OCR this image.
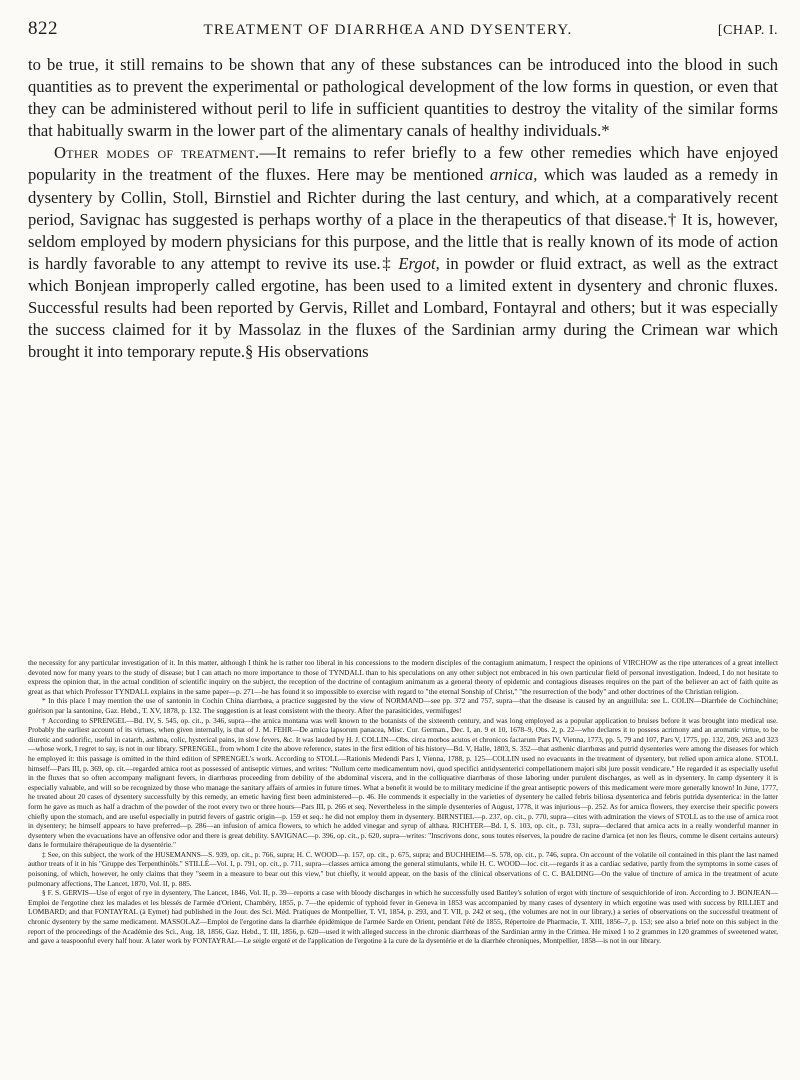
822	TREATMENT OF DIARRHŒA AND DYSENTERY.	[CHAP. I.

to be true, it still remains to be shown that any of these substances can be introduced into the blood in such quantities as to prevent the experimental or pathological development of the low forms in question, or even that they can be administered without peril to life in sufficient quantities to destroy the vitality of the similar forms that habitually swarm in the lower part of the alimentary canals of healthy individuals.*

Other modes of treatment.—It remains to refer briefly to a few other remedies which have enjoyed popularity in the treatment of the fluxes. Here may be mentioned arnica, which was lauded as a remedy in dysentery by Collin, Stoll, Birnstiel and Richter during the last century, and which, at a comparatively recent period, Savignac has suggested is perhaps worthy of a place in the therapeutics of that disease.† It is, however, seldom employed by modern physicians for this purpose, and the little that is really known of its mode of action is hardly favorable to any attempt to revive its use.‡ Ergot, in powder or fluid extract, as well as the extract which Bonjean improperly called ergotine, has been used to a limited extent in dysentery and chronic fluxes. Successful results had been reported by Gervis, Rillet and Lombard, Fontayral and others; but it was especially the success claimed for it by Massolaz in the fluxes of the Sardinian army during the Crimean war which brought it into temporary repute.§ His observations

the necessity for any particular investigation of it. In this matter, although I think he is rather too liberal in his concessions to the modern disciples of the contagium animatum, I respect the opinions of VIRCHOW as the ripe utterances of a great intellect devoted now for many years to the study of disease; but I can attach no more importance to those of TYNDALL than to his speculations on any other subject not embraced in his own particular field of personal investigation. Indeed, I do not hesitate to express the opinion that, in the actual condition of scientific inquiry on the subject, the reception of the doctrine of contagium animatum as a general theory of epidemic and contagious diseases requires on the part of the believer an act of faith quite as great as that which Professor TYNDALL explains in the same paper—p. 271—he has found it so impossible to exercise with regard to "the eternal Sonship of Christ," "the resurrection of the body" and other doctrines of the Christian religion.

* In this place I may mention the use of santonin in Cochin China diarrhœa, a practice suggested by the view of NORMAND—see pp. 372 and 757, supra—that the disease is caused by an anguillula: see L. COLIN—Diarrhée de Cochinchine; guérison par la santonine, Gaz. Hebd., T. XV, 1878, p. 132. The suggestion is at least consistent with the theory. After the parasiticides, vermifuges!

† According to SPRENGEL—Bd. IV, S. 545, op. cit., p. 346, supra—the arnica montana was well known to the botanists of the sixteenth century, and was long employed as a popular application to bruises before it was brought into medical use. Probably the earliest account of its virtues, when given internally, is that of J. M. FEHR—De arnica lapsorum panacea, Misc. Cur. German., Dec. I, an. 9 et 10, 1678–9, Obs. 2, p. 22—who declares it to possess acrimony and an aromatic virtue, to be diuretic and sudorific, useful in catarrh, asthma, colic, hysterical pains, in slow fevers, &c. It was lauded by H. J. COLLIN—Obs. circa morbos acutos et chronicos factarum Pars IV, Vienna, 1773, pp. 5, 79 and 107, Pars V, 1775, pp. 132, 209, 263 and 323—whose work, I regret to say, is not in our library. SPRENGEL, from whom I cite the above reference, states in the first edition of his history—Bd. V, Halle, 1803, S. 352—that asthenic diarrhœas and putrid dysenteries were among the diseases for which he employed it: this passage is omitted in the third edition of SPRENGEL's work. According to STOLL—Rationis Medendi Pars I, Vienna, 1788, p. 125—COLLIN used no evacuants in the treatment of dysentery, but relied upon arnica alone. STOLL himself—Pars III, p. 369, op. cit.—regarded arnica root as possessed of antiseptic virtues, and writes: "Nullum certe medicamentum novi, quod specifici antidysenterici compellationem majori sibi jure possit vendicare." He regarded it as especially useful in the fluxes that so often accompany malignant fevers, in diarrhœas proceeding from debility of the abdominal viscera, and in the colliquative diarrhœas of those laboring under purulent discharges, as well as in dysentery. In camp dysentery it is especially valuable, and will so be recognized by those who manage the sanitary affairs of armies in future times. What a benefit it would be to military medicine if the great antiseptic powers of this medicament were more generally known! In June, 1777, he treated about 20 cases of dysentery successfully by this remedy, an emetic having first been administered—p. 46. He commends it especially in the varieties of dysentery he called febris biliosa dysenterica and febris putrida dysenterica: in the latter form he gave as much as half a drachm of the powder of the root every two or three hours—Pars III, p. 266 et seq. Nevertheless in the simple dysenteries of August, 1778, it was injurious—p. 252. As for arnica flowers, they exercise their specific powers chiefly upon the stomach, and are useful especially in putrid fevers of gastric origin—p. 159 et seq.: he did not employ them in dysentery. BIRNSTIEL—p. 237, op. cit., p. 770, supra—cites with admiration the views of STOLL as to the use of arnica root in dysentery; he himself appears to have preferred—p. 286—an infusion of arnica flowers, to which he added vinegar and syrup of althæa. RICHTER—Bd. I, S. 103, op. cit., p. 731, supra—declared that arnica acts in a really wonderful manner in dysentery when the evacuations have an offensive odor and there is great debility. SAVIGNAC—p. 396, op. cit., p. 620, supra—writes: "Inscrivons donc, sous toutes réserves, la poudre de racine d'arnica (et non les fleurs, comme le disent certains auteurs) dans le formulaire thérapeutique de la dysentérie."

‡ See, on this subject, the work of the HUSEMANNS—S. 939, op. cit., p. 766, supra; H. C. WOOD—p. 157, op. cit., p. 675, supra; and BUCHHEIM—S. 578, op. cit., p. 746, supra. On account of the volatile oil contained in this plant the last named author treats of it in his "Gruppe des Terpenthinöls." STILLÉ—Vol. I, p. 791, op. cit., p. 711, supra—classes arnica among the general stimulants, while H. C. WOOD—loc. cit.—regards it as a cardiac sedative, partly from the symptoms in some cases of poisoning, of which, however, he only claims that they "seem in a measure to bear out this view," but chiefly, it would appear, on the basis of the clinical observations of C. C. BALDING—On the value of tincture of arnica in the treatment of acute pulmonary affections, The Lancet, 1870, Vol. II, p. 885.

§ F. S. GERVIS—Use of ergot of rye in dysentery, The Lancet, 1846, Vol. II, p. 39—reports a case with bloody discharges in which he successfully used Battley's solution of ergot with tincture of sesquichloride of iron. According to J. BONJEAN—Emploi de l'ergotine chez les malades et les blessés de l'armée d'Orient, Chambéry, 1855, p. 7—the epidemic of typhoid fever in Geneva in 1853 was accompanied by many cases of dysentery in which ergotine was used with success by RILLIET and LOMBARD; and that FONTAYRAL (à Eymet) had published in the Jour. des Sci. Méd. Pratiques de Montpellier, T. VI, 1854, p. 293, and T. VII, p. 242 et seq., (the volumes are not in our library,) a series of observations on the successful treatment of chronic dysentery by the same medicament. MASSOLAZ—Emploi de l'ergotine dans la diarrhée épidémique de l'armée Sarde en Orient, pendant l'été de 1855, Répertoire de Pharmacie, T. XIII, 1856–7, p. 153; see also a brief note on this subject in the report of the proceedings of the Académie des Sci., Aug. 18, 1856, Gaz. Hebd., T. III, 1856, p. 620—used it with alleged success in the chronic diarrhœas of the Sardinian army in the Crimea. He mixed 1 to 2 grammes in 120 grammes of sweetened water, and gave a teaspoonful every half hour. A later work by FONTAYRAL—Le seigle ergoté et de l'application de l'ergotine à la cure de la dysentérie et de la diarrhée chroniques, Montpellier, 1858—is not in our library.
